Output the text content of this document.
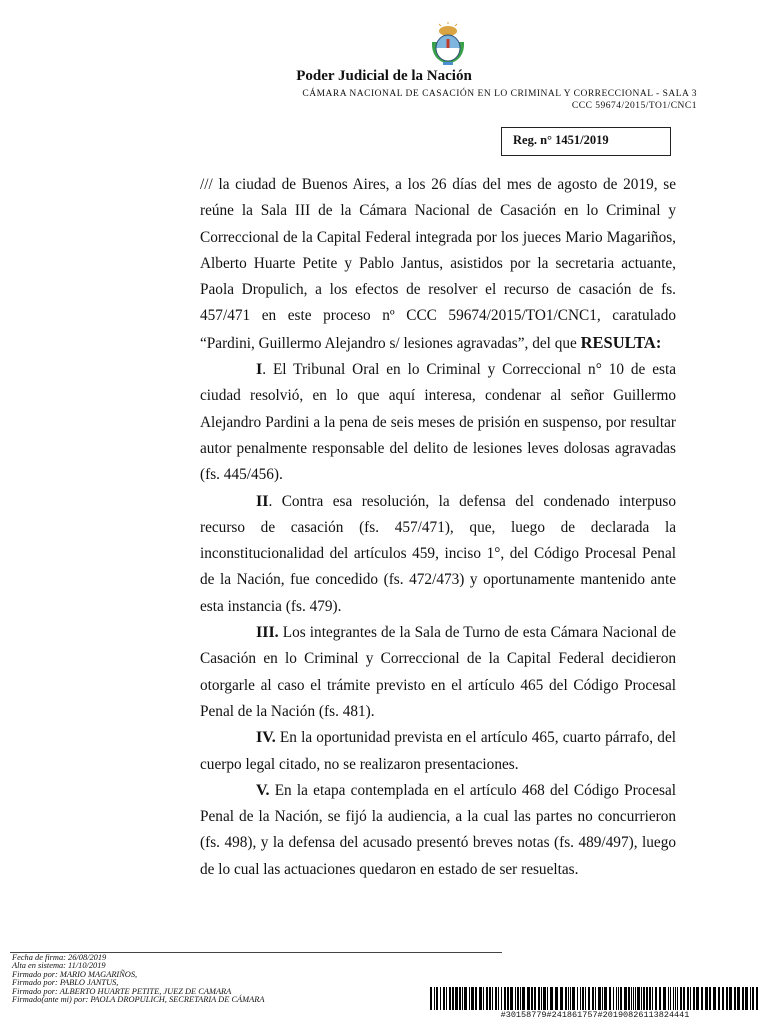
Poder Judicial de la Nación
CÁMARA NACIONAL DE CASACIÓN EN LO CRIMINAL Y CORRECCIONAL - SALA 3
CCC 59674/2015/TO1/CNC1
Reg. n° 1451/2019

/// la ciudad de Buenos Aires, a los 26 días del mes de agosto de 2019, se reúne la Sala III de la Cámara Nacional de Casación en lo Criminal y Correccional de la Capital Federal integrada por los jueces Mario Magariños, Alberto Huarte Petite y Pablo Jantus, asistidos por la secretaria actuante, Paola Dropulich, a los efectos de resolver el recurso de casación de fs. 457/471 en este proceso nº CCC 59674/2015/TO1/CNC1, caratulado “Pardini, Guillermo Alejandro s/ lesiones agravadas”, del que RESULTA:

I. El Tribunal Oral en lo Criminal y Correccional n° 10 de esta ciudad resolvió, en lo que aquí interesa, condenar al señor Guillermo Alejandro Pardini a la pena de seis meses de prisión en suspenso, por resultar autor penalmente responsable del delito de lesiones leves dolosas agravadas (fs. 445/456).

II. Contra esa resolución, la defensa del condenado interpuso recurso de casación (fs. 457/471), que, luego de declarada la inconstitucionalidad del artículos 459, inciso 1°, del Código Procesal Penal de la Nación, fue concedido (fs. 472/473) y oportunamente mantenido ante esta instancia (fs. 479).

III. Los integrantes de la Sala de Turno de esta Cámara Nacional de Casación en lo Criminal y Correccional de la Capital Federal decidieron otorgarle al caso el trámite previsto en el artículo 465 del Código Procesal Penal de la Nación (fs. 481).

IV. En la oportunidad prevista en el artículo 465, cuarto párrafo, del cuerpo legal citado, no se realizaron presentaciones.

V. En la etapa contemplada en el artículo 468 del Código Procesal Penal de la Nación, se fijó la audiencia, a la cual las partes no concurrieron (fs. 498), y la defensa del acusado presentó breves notas (fs. 489/497), luego de lo cual las actuaciones quedaron en estado de ser resueltas.

Fecha de firma: 26/08/2019
Alta en sistema: 11/10/2019
Firmado por: MARIO MAGARIÑOS,
Firmado por: PABLO JANTUS,
Firmado por: ALBERTO HUARTE PETITE, JUEZ DE CAMARA
Firmado(ante mi) por: PAOLA DROPULICH, SECRETARIA DE CÁMARA
#30158779#241861757#20190826113824441
